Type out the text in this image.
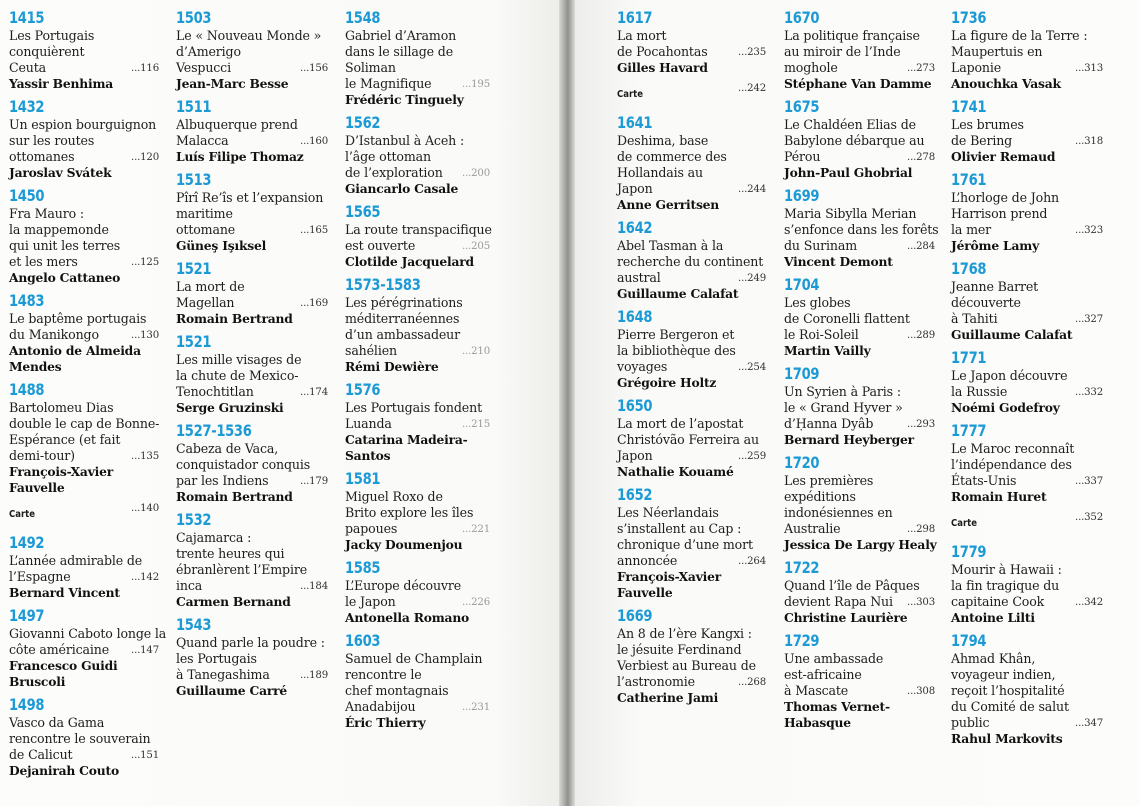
1415
Les Portugais
conquièrent
Ceuta	...116
Yassir Benhima
1432
Un espion bourguignon
sur les routes
ottomanes	...120
Jaroslav Svátek
1450
Fra Mauro :
la mappemonde
qui unit les terres
et les mers	...125
Angelo Cattaneo
1483
Le baptême portugais
du Manikongo	...130
Antonio de Almeida
Mendes
1488
Bartolomeu Dias
double le cap de Bonne-
Espérance (et fait
demi-tour)	...135
François-Xavier
Fauvelle
Carte
...140
1492
L’année admirable de
l’Espagne	...142
Bernard Vincent
1497
Giovanni Caboto longe la
côte américaine	...147
Francesco Guidi
Bruscoli
1498
Vasco da Gama
rencontre le souverain
de Calicut	...151
Dejanirah Couto
1503
Le « Nouveau Monde »
d’Amerigo
Vespucci	...156
Jean-Marc Besse
1511
Albuquerque prend
Malacca	...160
Luís Filipe Thomaz
1513
Pîrî Re’îs et l’expansion
maritime
ottomane	...165
Güneş Işıksel
1521
La mort de
Magellan	...169
Romain Bertrand
1521
Les mille visages de
la chute de Mexico-
Tenochtitlan	...174
Serge Gruzinski
1527-1536
Cabeza de Vaca,
conquistador conquis
par les Indiens	...179
Romain Bertrand
1532
Cajamarca :
trente heures qui
ébranlèrent l’Empire
inca	...184
Carmen Bernand
1543
Quand parle la poudre :
les Portugais
à Tanegashima	...189
Guillaume Carré
1548
Gabriel d’Aramon
dans le sillage de
Soliman
le Magnifique	...195
Frédéric Tinguely
1562
D’Istanbul à Aceh :
l’âge ottoman
de l’exploration	...200
Giancarlo Casale
1565
La route transpacifique
est ouverte	...205
Clotilde Jacquelard
1573-1583
Les pérégrinations
méditerranéennes
d’un ambassadeur
sahélien	...210
Rémi Dewière
1576
Les Portugais fondent
Luanda	...215
Catarina Madeira-
Santos
1581
Miguel Roxo de
Brito explore les îles
papoues	...221
Jacky Doumenjou
1585
L’Europe découvre
le Japon	...226
Antonella Romano
1603
Samuel de Champlain
rencontre le
chef montagnais
Anadabijou	...231
Éric Thierry
1617
La mort
de Pocahontas	...235
Gilles Havard
Carte
...242
1641
Deshima, base
de commerce des
Hollandais au
Japon	...244
Anne Gerritsen
1642
Abel Tasman à la
recherche du continent
austral	...249
Guillaume Calafat
1648
Pierre Bergeron et
la bibliothèque des
voyages	...254
Grégoire Holtz
1650
La mort de l’apostat
Christóvão Ferreira au
Japon	...259
Nathalie Kouamé
1652
Les Néerlandais
s’installent au Cap :
chronique d’une mort
annoncée	...264
François-Xavier
Fauvelle
1669
An 8 de l’ère Kangxi :
le jésuite Ferdinand
Verbiest au Bureau de
l’astronomie	...268
Catherine Jami
1670
La politique française
au miroir de l’Inde
moghole	...273
Stéphane Van Damme
1675
Le Chaldéen Elias de
Babylone débarque au
Pérou	...278
John-Paul Ghobrial
1699
Maria Sibylla Merian
s’enfonce dans les forêts
du Surinam	...284
Vincent Demont
1704
Les globes
de Coronelli flattent
le Roi-Soleil	...289
Martin Vailly
1709
Un Syrien à Paris :
le « Grand Hyver »
d’Ḥanna Dyâb	...293
Bernard Heyberger
1720
Les premières
expéditions
indonésiennes en
Australie	...298
Jessica De Largy Healy
1722
Quand l’île de Pâques
devient Rapa Nui	...303
Christine Laurière
1729
Une ambassade
est-africaine
à Mascate	...308
Thomas Vernet-
Habasque
1736
La figure de la Terre :
Maupertuis en
Laponie	...313
Anouchka Vasak
1741
Les brumes
de Bering	...318
Olivier Remaud
1761
L’horloge de John
Harrison prend
la mer	...323
Jérôme Lamy
1768
Jeanne Barret
découverte
à Tahiti	...327
Guillaume Calafat
1771
Le Japon découvre
la Russie	...332
Noémi Godefroy
1777
Le Maroc reconnaît
l’indépendance des
États-Unis	...337
Romain Huret
Carte
...352
1779
Mourir à Hawaii :
la fin tragique du
capitaine Cook	...342
Antoine Lilti
1794
Ahmad Khân,
voyageur indien,
reçoit l’hospitalité
du Comité de salut
public	...347
Rahul Markovits
